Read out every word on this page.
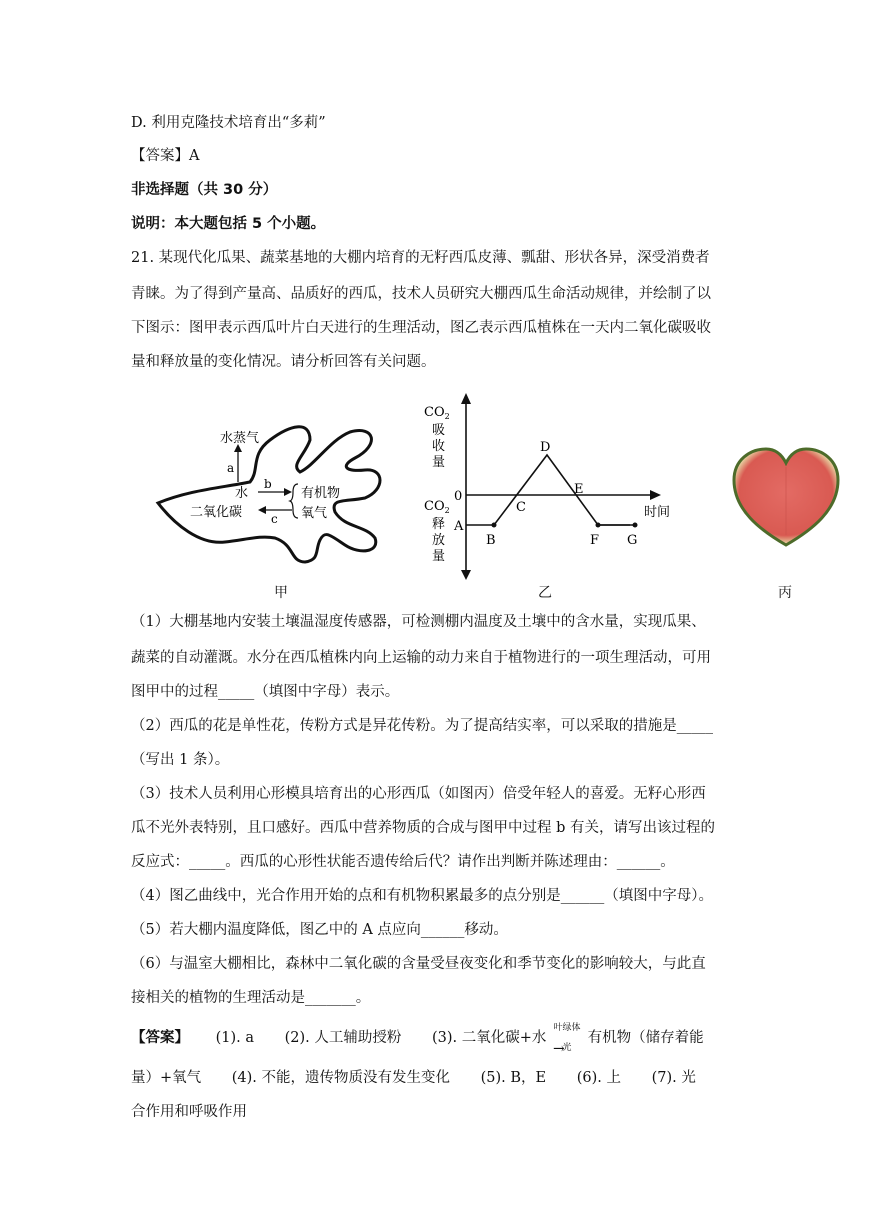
D. 利用克隆技术培育出“多莉”
【答案】A
非选择题（共 30 分）
说明：本大题包括 5 个小题。
21. 某现代化瓜果、蔬菜基地的大棚内培育的无籽西瓜皮薄、瓢甜、形状各异，深受消费者
青睐。为了得到产量高、品质好的西瓜，技术人员研究大棚西瓜生命活动规律，并绘制了以
下图示：图甲表示西瓜叶片白天进行的生理活动，图乙表示西瓜植株在一天内二氧化碳吸收
量和释放量的变化情况。请分析回答有关问题。
水蒸气
a
水
二氧化碳
b
c
有机物
氧气
甲
$CO_2$
吸
收
量
0
$CO_2$
释
放
量
时间
A
B
C
D
E
F G
乙	丙
（1）大棚基地内安装土壤温湿度传感器，可检测棚内温度及土壤中的含水量，实现瓜果、
蔬菜的自动灌溉。水分在西瓜植株内向上运输的动力来自于植物进行的一项生理活动，可用
图甲中的过程_____（填图中字母）表示。
（2）西瓜的花是单性花，传粉方式是异花传粉。为了提高结实率，可以采取的措施是_____
（写出 1 条）。
（3）技术人员利用心形模具培育出的心形西瓜（如图丙）倍受年轻人的喜爱。无籽心形西
瓜不光外表特别，且口感好。西瓜中营养物质的合成与图甲中过程 b 有关，请写出该过程的
反应式：_____。西瓜的心形性状能否遗传给后代？请作出判断并陈述理由：______。
（4）图乙曲线中，光合作用开始的点和有机物积累最多的点分别是______（填图中字母）。
（5）若大棚内温度降低，图乙中的 A 点应向______移动。
（6）与温室大棚相比，森林中二氧化碳的含量受昼夜变化和季节变化的影响较大，与此直
接相关的植物的生理活动是_______。
【答案】 (1). a (2). 人工辅助授粉 (3). 二氧化碳+水
叶绿体
→
光
有机物（储存着能
量）+氧气 (4). 不能，遗传物质没有发生变化 (5). B，E (6). 上 (7). 光
合作用和呼吸作用
